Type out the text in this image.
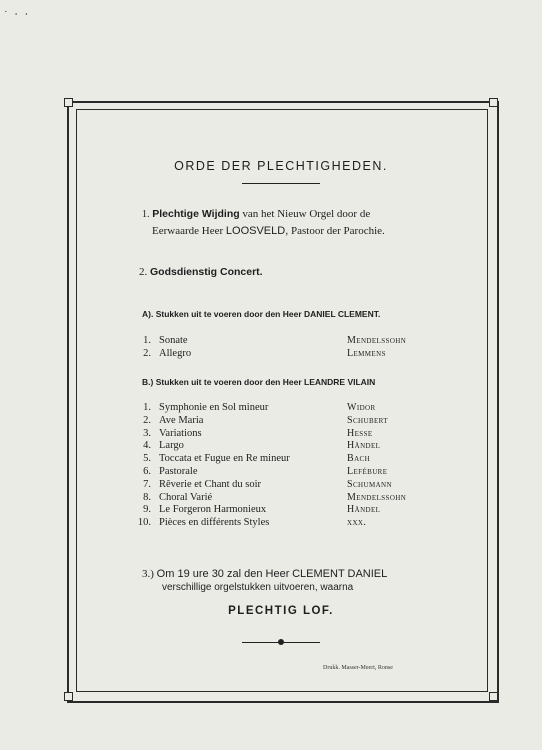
˙ ‧ ‧
ORDE DER PLECHTIGHEDEN.
1. Plechtige Wijding van het Nieuw Orgel door de
Eerwaarde Heer LOOSVELD, Pastoor der Parochie.
2. Godsdienstig Concert.
A). Stukken uit te voeren door den Heer DANIEL CLEMENT.
1. Sonate	Mendelssohn
2. Allegro	Lemmens
B.) Stukken uit te voeren door den Heer LEANDRE VILAIN
1. Symphonie en Sol mineur	Widor
2. Ave Maria	Schubert
3. Variations	Hesse
4. Largo	Händel
5. Toccata et Fugue en Re mineur	Bach
6. Pastorale	Lefébure
7. Rêverie et Chant du soir	Schumann
8. Choral Varié	Mendelssohn
9. Le Forgeron Harmonieux	Händel
10. Pièces en différents Styles	xxx.
3.) Om 19 ure 30 zal den Heer CLEMENT DANIEL
verschillige orgelstukken uitvoeren, waarna
PLECHTIG LOF.
Drukk. Masser-Meert, Ronse
